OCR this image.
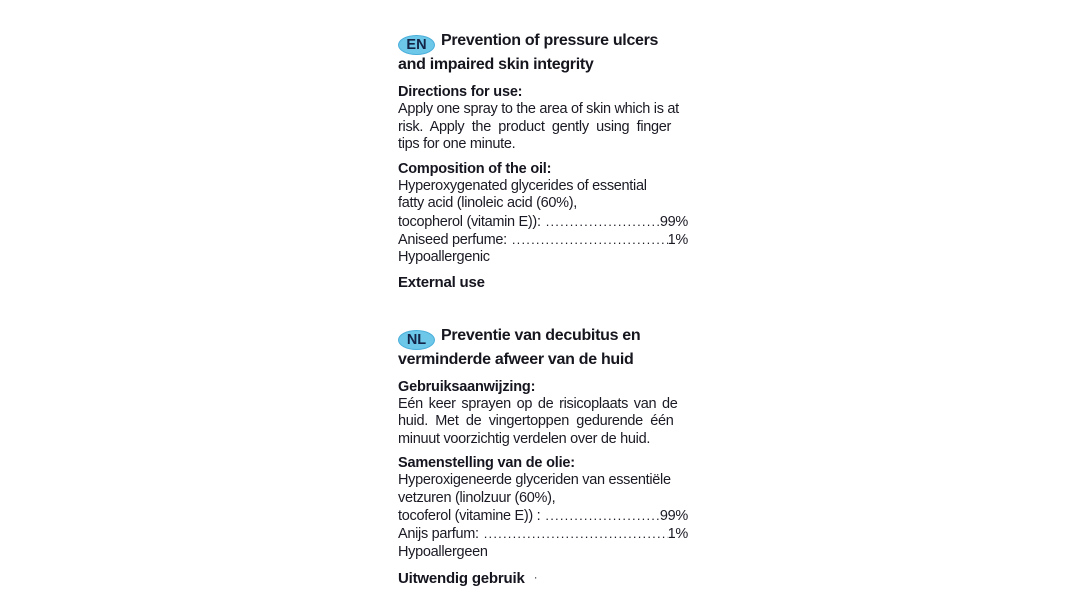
EN Prevention of pressure ulcers
and impaired skin integrity
Directions for use:
Apply one spray to the area of skin which is at
risk. Apply the product gently using finger
tips for one minute.
Composition of the oil:
Hyperoxygenated glycerides of essential
fatty acid (linoleic acid (60%),
tocopherol (vitamin E)): .....	99%
Aniseed perfume: .....	1%
Hypoallergenic
External use
NL Preventie van decubitus en
verminderde afweer van de huid
Gebruiksaanwijzing:
Eén keer sprayen op de risicoplaats van de
huid. Met de vingertoppen gedurende één
minuut voorzichtig verdelen over de huid.
Samenstelling van de olie:
Hyperoxigeneerde glyceriden van essentiële
vetzuren (linolzuur (60%),
tocoferol (vitamine E)) : .....	99%
Anijs parfum: .....	1%
Hypoallergeen
Uitwendig gebruik ·
